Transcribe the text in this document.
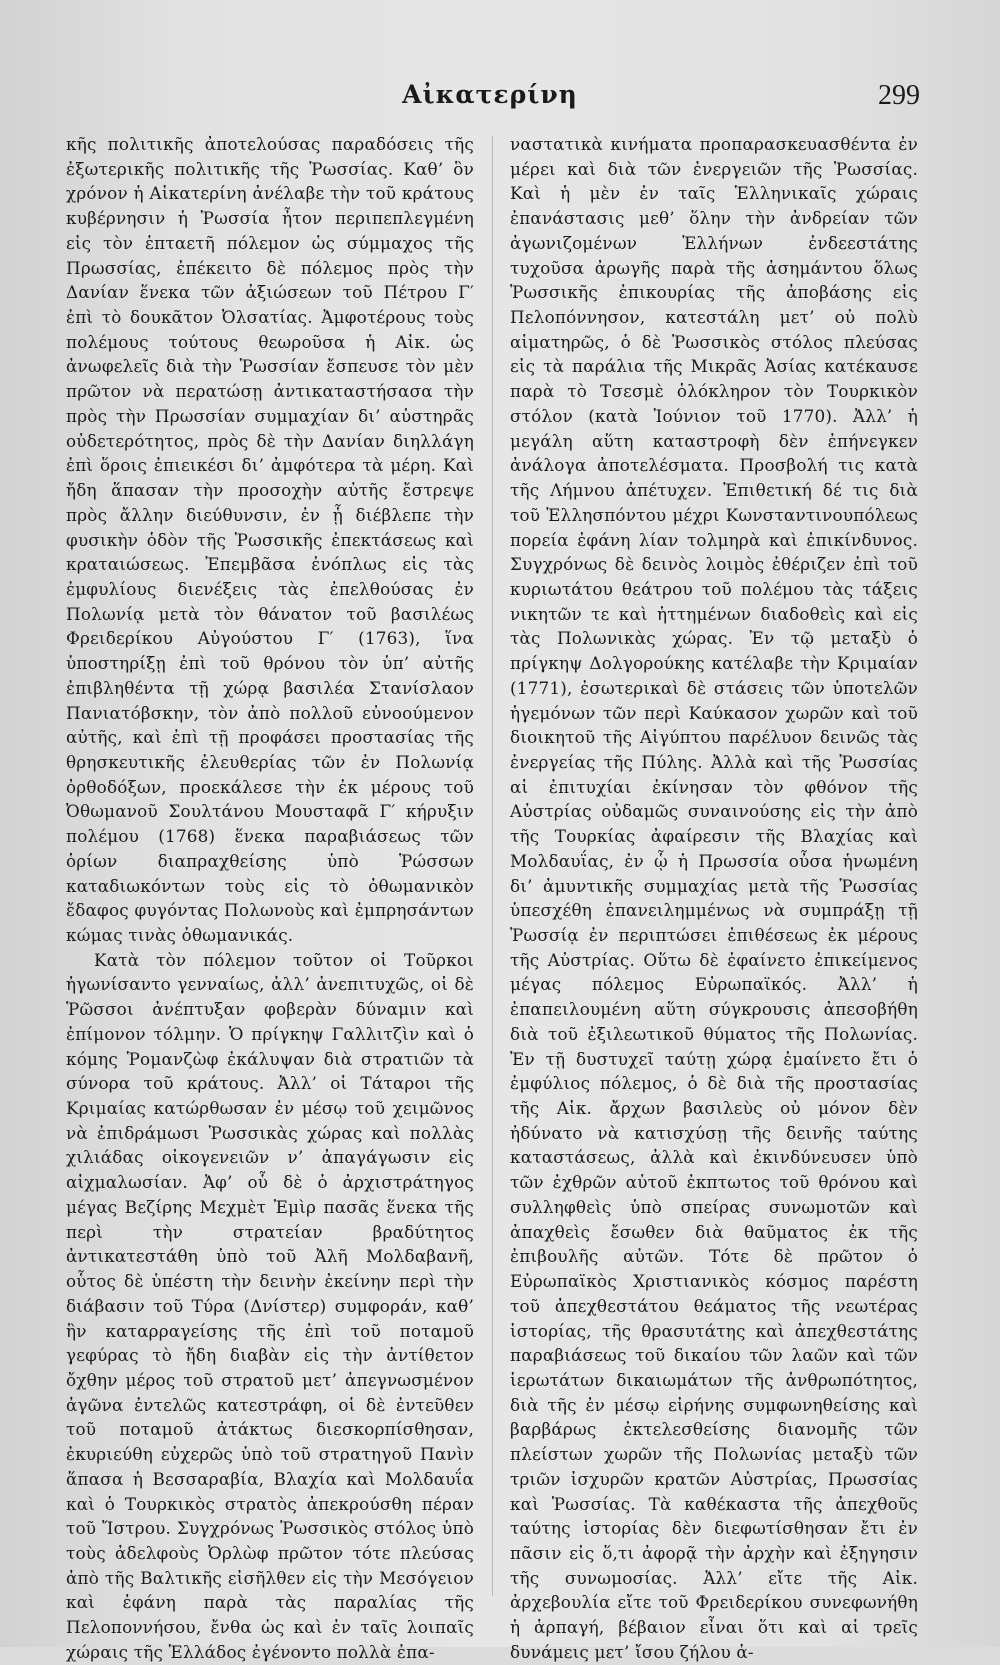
Αἰκατερίνη	299

κῆς πολιτικῆς ἀποτελούσας παραδόσεις τῆς ἐξωτερικῆς πολιτικῆς τῆς Ῥωσσίας. Καθ’ ὃν χρόνον ἡ Αἰκατερίνη ἀνέλαβε τὴν τοῦ κράτους κυβέρνησιν ἡ Ῥωσσία ἦτον περιπεπλεγμένη εἰς τὸν ἑπταετῆ πόλεμον ὡς σύμμαχος τῆς Πρωσσίας, ἐπέκειτο δὲ πόλεμος πρὸς τὴν Δανίαν ἕνεκα τῶν ἀξιώσεων τοῦ Πέτρου Γ′ ἐπὶ τὸ δουκᾶτον Ὀλσατίας. Ἀμφοτέρους τοὺς πολέμους τούτους θεωροῦσα ἡ Αἰκ. ὡς ἀνωφελεῖς διὰ τὴν Ῥωσσίαν ἔσπευσε τὸν μὲν πρῶτον νὰ περατώσῃ ἀντικαταστήσασα τὴν πρὸς τὴν Πρωσσίαν συμμαχίαν δι’ αὐστηρᾶς οὐδετερότητος, πρὸς δὲ τὴν Δανίαν διηλλάγη ἐπὶ ὅροις ἐπιεικέσι δι’ ἀμφότερα τὰ μέρη. Καὶ ἤδη ἅπασαν τὴν προσοχὴν αὐτῆς ἔστρεψε πρὸς ἄλλην διεύθυνσιν, ἐν ᾗ διέβλεπε τὴν φυσικὴν ὁδὸν τῆς Ῥωσσικῆς ἐπεκτάσεως καὶ κραταιώσεως. Ἐπεμβᾶσα ἐνόπλως εἰς τὰς ἐμφυλίους διενέξεις τὰς ἐπελθούσας ἐν Πολωνίᾳ μετὰ τὸν θάνατον τοῦ βασιλέως Φρειδερίκου Αὐγούστου Γ′ (1763), ἵνα ὑποστηρίξῃ ἐπὶ τοῦ θρόνου τὸν ὑπ’ αὐτῆς ἐπιβληθέντα τῇ χώρᾳ βασιλέα Στανίσλαον Πανιατόβσκην, τὸν ἀπὸ πολλοῦ εὐνοούμενον αὐτῆς, καὶ ἐπὶ τῇ προφάσει προστασίας τῆς θρησκευτικῆς ἐλευθερίας τῶν ἐν Πολωνίᾳ ὀρθοδόξων, προεκάλεσε τὴν ἐκ μέρους τοῦ Ὀθωμανοῦ Σουλτάνου Μουσταφᾶ Γ′ κήρυξιν πολέμου (1768) ἕνεκα παραβιάσεως τῶν ὁρίων διαπραχθείσης ὑπὸ Ῥώσσων καταδιωκόντων τοὺς εἰς τὸ ὀθωμανικὸν ἔδαφος φυγόντας Πολωνοὺς καὶ ἐμπρησάντων κώμας τινὰς ὀθωμανικάς.

Κατὰ τὸν πόλεμον τοῦτον οἱ Τοῦρκοι ἠγωνίσαντο γενναίως, ἀλλ’ ἀνεπιτυχῶς, οἱ δὲ Ῥῶσσοι ἀνέπτυξαν φοβερὰν δύναμιν καὶ ἐπίμονον τόλμην. Ὁ πρίγκηψ Γαλλιτζὶν καὶ ὁ κόμης Ῥομανζὼφ ἐκάλυψαν διὰ στρατιῶν τὰ σύνορα τοῦ κράτους. Ἀλλ’ οἱ Τάταροι τῆς Κριμαίας κατώρθωσαν ἐν μέσῳ τοῦ χειμῶνος νὰ ἐπιδράμωσι Ῥωσσικὰς χώρας καὶ πολλὰς χιλιάδας οἰκογενειῶν ν’ ἀπαγάγωσιν εἰς αἰχμαλωσίαν. Ἀφ’ οὗ δὲ ὁ ἀρχιστράτηγος μέγας Βεζίρης Μεχμὲτ Ἐμὶρ πασᾶς ἕνεκα τῆς περὶ τὴν στρατείαν βραδύτητος ἀντικατεστάθη ὑπὸ τοῦ Ἀλῆ Μολδαβανῆ, οὗτος δὲ ὑπέστη τὴν δεινὴν ἐκείνην περὶ τὴν διάβασιν τοῦ Τύρα (Δνίστερ) συμφοράν, καθ’ ἣν καταρραγείσης τῆς ἐπὶ τοῦ ποταμοῦ γεφύρας τὸ ἤδη διαβὰν εἰς τὴν ἀντίθετον ὄχθην μέρος τοῦ στρατοῦ μετ’ ἀπεγνωσμένον ἀγῶνα ἐντελῶς κατεστράφη, οἱ δὲ ἐντεῦθεν τοῦ ποταμοῦ ἀτάκτως διεσκορπίσθησαν, ἐκυριεύθη εὐχερῶς ὑπὸ τοῦ στρατηγοῦ Πανὶν ἅπασα ἡ Βεσσαραβία, Βλαχία καὶ Μολδαυΐα καὶ ὁ Τουρκικὸς στρατὸς ἀπεκρούσθη πέραν τοῦ Ἴστρου. Συγχρόνως Ῥωσσικὸς στόλος ὑπὸ τοὺς ἀδελφοὺς Ὀρλὼφ πρῶτον τότε πλεύσας ἀπὸ τῆς Βαλτικῆς εἰσῆλθεν εἰς τὴν Μεσόγειον καὶ ἐφάνη παρὰ τὰς παραλίας τῆς Πελοποννήσου, ἔνθα ὡς καὶ ἐν ταῖς λοιπαῖς χώραις τῆς Ἑλλάδος ἐγένοντο πολλὰ ἐπα-

ναστατικὰ κινήματα προπαρασκευασθέντα ἐν μέρει καὶ διὰ τῶν ἐνεργειῶν τῆς Ῥωσσίας. Καὶ ἡ μὲν ἐν ταῖς Ἑλληνικαῖς χώραις ἐπανάστασις μεθ’ ὅλην τὴν ἀνδρείαν τῶν ἀγωνιζομένων Ἑλλήνων ἐνδεεστάτης τυχοῦσα ἀρωγῆς παρὰ τῆς ἀσημάντου ὅλως Ῥωσσικῆς ἐπικουρίας τῆς ἀποβάσης εἰς Πελοπόννησον, κατεστάλη μετ’ οὐ πολὺ αἱματηρῶς, ὁ δὲ Ῥωσσικὸς στόλος πλεύσας εἰς τὰ παράλια τῆς Μικρᾶς Ἀσίας κατέκαυσε παρὰ τὸ Τσεσμὲ ὁλόκληρον τὸν Τουρκικὸν στόλον (κατὰ Ἰούνιον τοῦ 1770). Ἀλλ’ ἡ μεγάλη αὕτη καταστροφὴ δὲν ἐπήνεγκεν ἀνάλογα ἀποτελέσματα. Προσβολή τις κατὰ τῆς Λήμνου ἀπέτυχεν. Ἐπιθετική δέ τις διὰ τοῦ Ἑλλησπόντου μέχρι Κωνσταντινουπόλεως πορεία ἐφάνη λίαν τολμηρὰ καὶ ἐπικίνδυνος. Συγχρόνως δὲ δεινὸς λοιμὸς ἐθέριζεν ἐπὶ τοῦ κυριωτάτου θεάτρου τοῦ πολέμου τὰς τάξεις νικητῶν τε καὶ ἡττημένων διαδοθεὶς καὶ εἰς τὰς Πολωνικὰς χώρας. Ἐν τῷ μεταξὺ ὁ πρίγκηψ Δολγορούκης κατέλαβε τὴν Κριμαίαν (1771), ἐσωτερικαὶ δὲ στάσεις τῶν ὑποτελῶν ἡγεμόνων τῶν περὶ Καύκασον χωρῶν καὶ τοῦ διοικητοῦ τῆς Αἰγύπτου παρέλυον δεινῶς τὰς ἐνεργείας τῆς Πύλης. Ἀλλὰ καὶ τῆς Ῥωσσίας αἱ ἐπιτυχίαι ἐκίνησαν τὸν φθόνον τῆς Αὐστρίας οὐδαμῶς συναινούσης εἰς τὴν ἀπὸ τῆς Τουρκίας ἀφαίρεσιν τῆς Βλαχίας καὶ Μολδαυΐας, ἐν ᾧ ἡ Πρωσσία οὖσα ἡνωμένη δι’ ἀμυντικῆς συμμαχίας μετὰ τῆς Ῥωσσίας ὑπεσχέθη ἐπανειλημμένως νὰ συμπράξῃ τῇ Ῥωσσίᾳ ἐν περιπτώσει ἐπιθέσεως ἐκ μέρους τῆς Αὐστρίας. Οὕτω δὲ ἐφαίνετο ἐπικείμενος μέγας πόλεμος Εὐρωπαϊκός. Ἀλλ’ ἡ ἐπαπειλουμένη αὕτη σύγκρουσις ἀπεσοβήθη διὰ τοῦ ἐξιλεωτικοῦ θύματος τῆς Πολωνίας. Ἐν τῇ δυστυχεῖ ταύτῃ χώρᾳ ἐμαίνετο ἔτι ὁ ἐμφύλιος πόλεμος, ὁ δὲ διὰ τῆς προστασίας τῆς Αἰκ. ἄρχων βασιλεὺς οὐ μόνον δὲν ἠδύνατο νὰ κατισχύσῃ τῆς δεινῆς ταύτης καταστάσεως, ἀλλὰ καὶ ἐκινδύνευσεν ὑπὸ τῶν ἐχθρῶν αὐτοῦ ἐκπτωτος τοῦ θρόνου καὶ συλληφθεὶς ὑπὸ σπείρας συνωμοτῶν καὶ ἀπαχθεὶς ἔσωθεν διὰ θαῦματος ἐκ τῆς ἐπιβουλῆς αὐτῶν. Τότε δὲ πρῶτον ὁ Εὐρωπαϊκὸς Χριστιανικὸς κόσμος παρέστη τοῦ ἀπεχθεστάτου θεάματος τῆς νεωτέρας ἱστορίας, τῆς θρασυτάτης καὶ ἀπεχθεστάτης παραβιάσεως τοῦ δικαίου τῶν λαῶν καὶ τῶν ἱερωτάτων δικαιωμάτων τῆς ἀνθρωπότητος, διὰ τῆς ἐν μέσῳ εἰρήνης συμφωνηθείσης καὶ βαρβάρως ἐκτελεσθείσης διανομῆς τῶν πλείστων χωρῶν τῆς Πολωνίας μεταξὺ τῶν τριῶν ἰσχυρῶν κρατῶν Αὐστρίας, Πρωσσίας καὶ Ῥωσσίας. Τὰ καθέκαστα τῆς ἀπεχθοῦς ταύτης ἱστορίας δὲν διεφωτίσθησαν ἔτι ἐν πᾶσιν εἰς ὅ,τι ἀφορᾷ τὴν ἀρχὴν καὶ ἐξηγησιν τῆς συνωμοσίας. Ἀλλ’ εἴτε τῆς Αἰκ. ἀρχεβουλία εἴτε τοῦ Φρειδερίκου συνεφωνήθη ἡ ἁρπαγή, βέβαιον εἶναι ὅτι καὶ αἱ τρεῖς δυνάμεις μετ’ ἴσου ζήλου ἀ-
